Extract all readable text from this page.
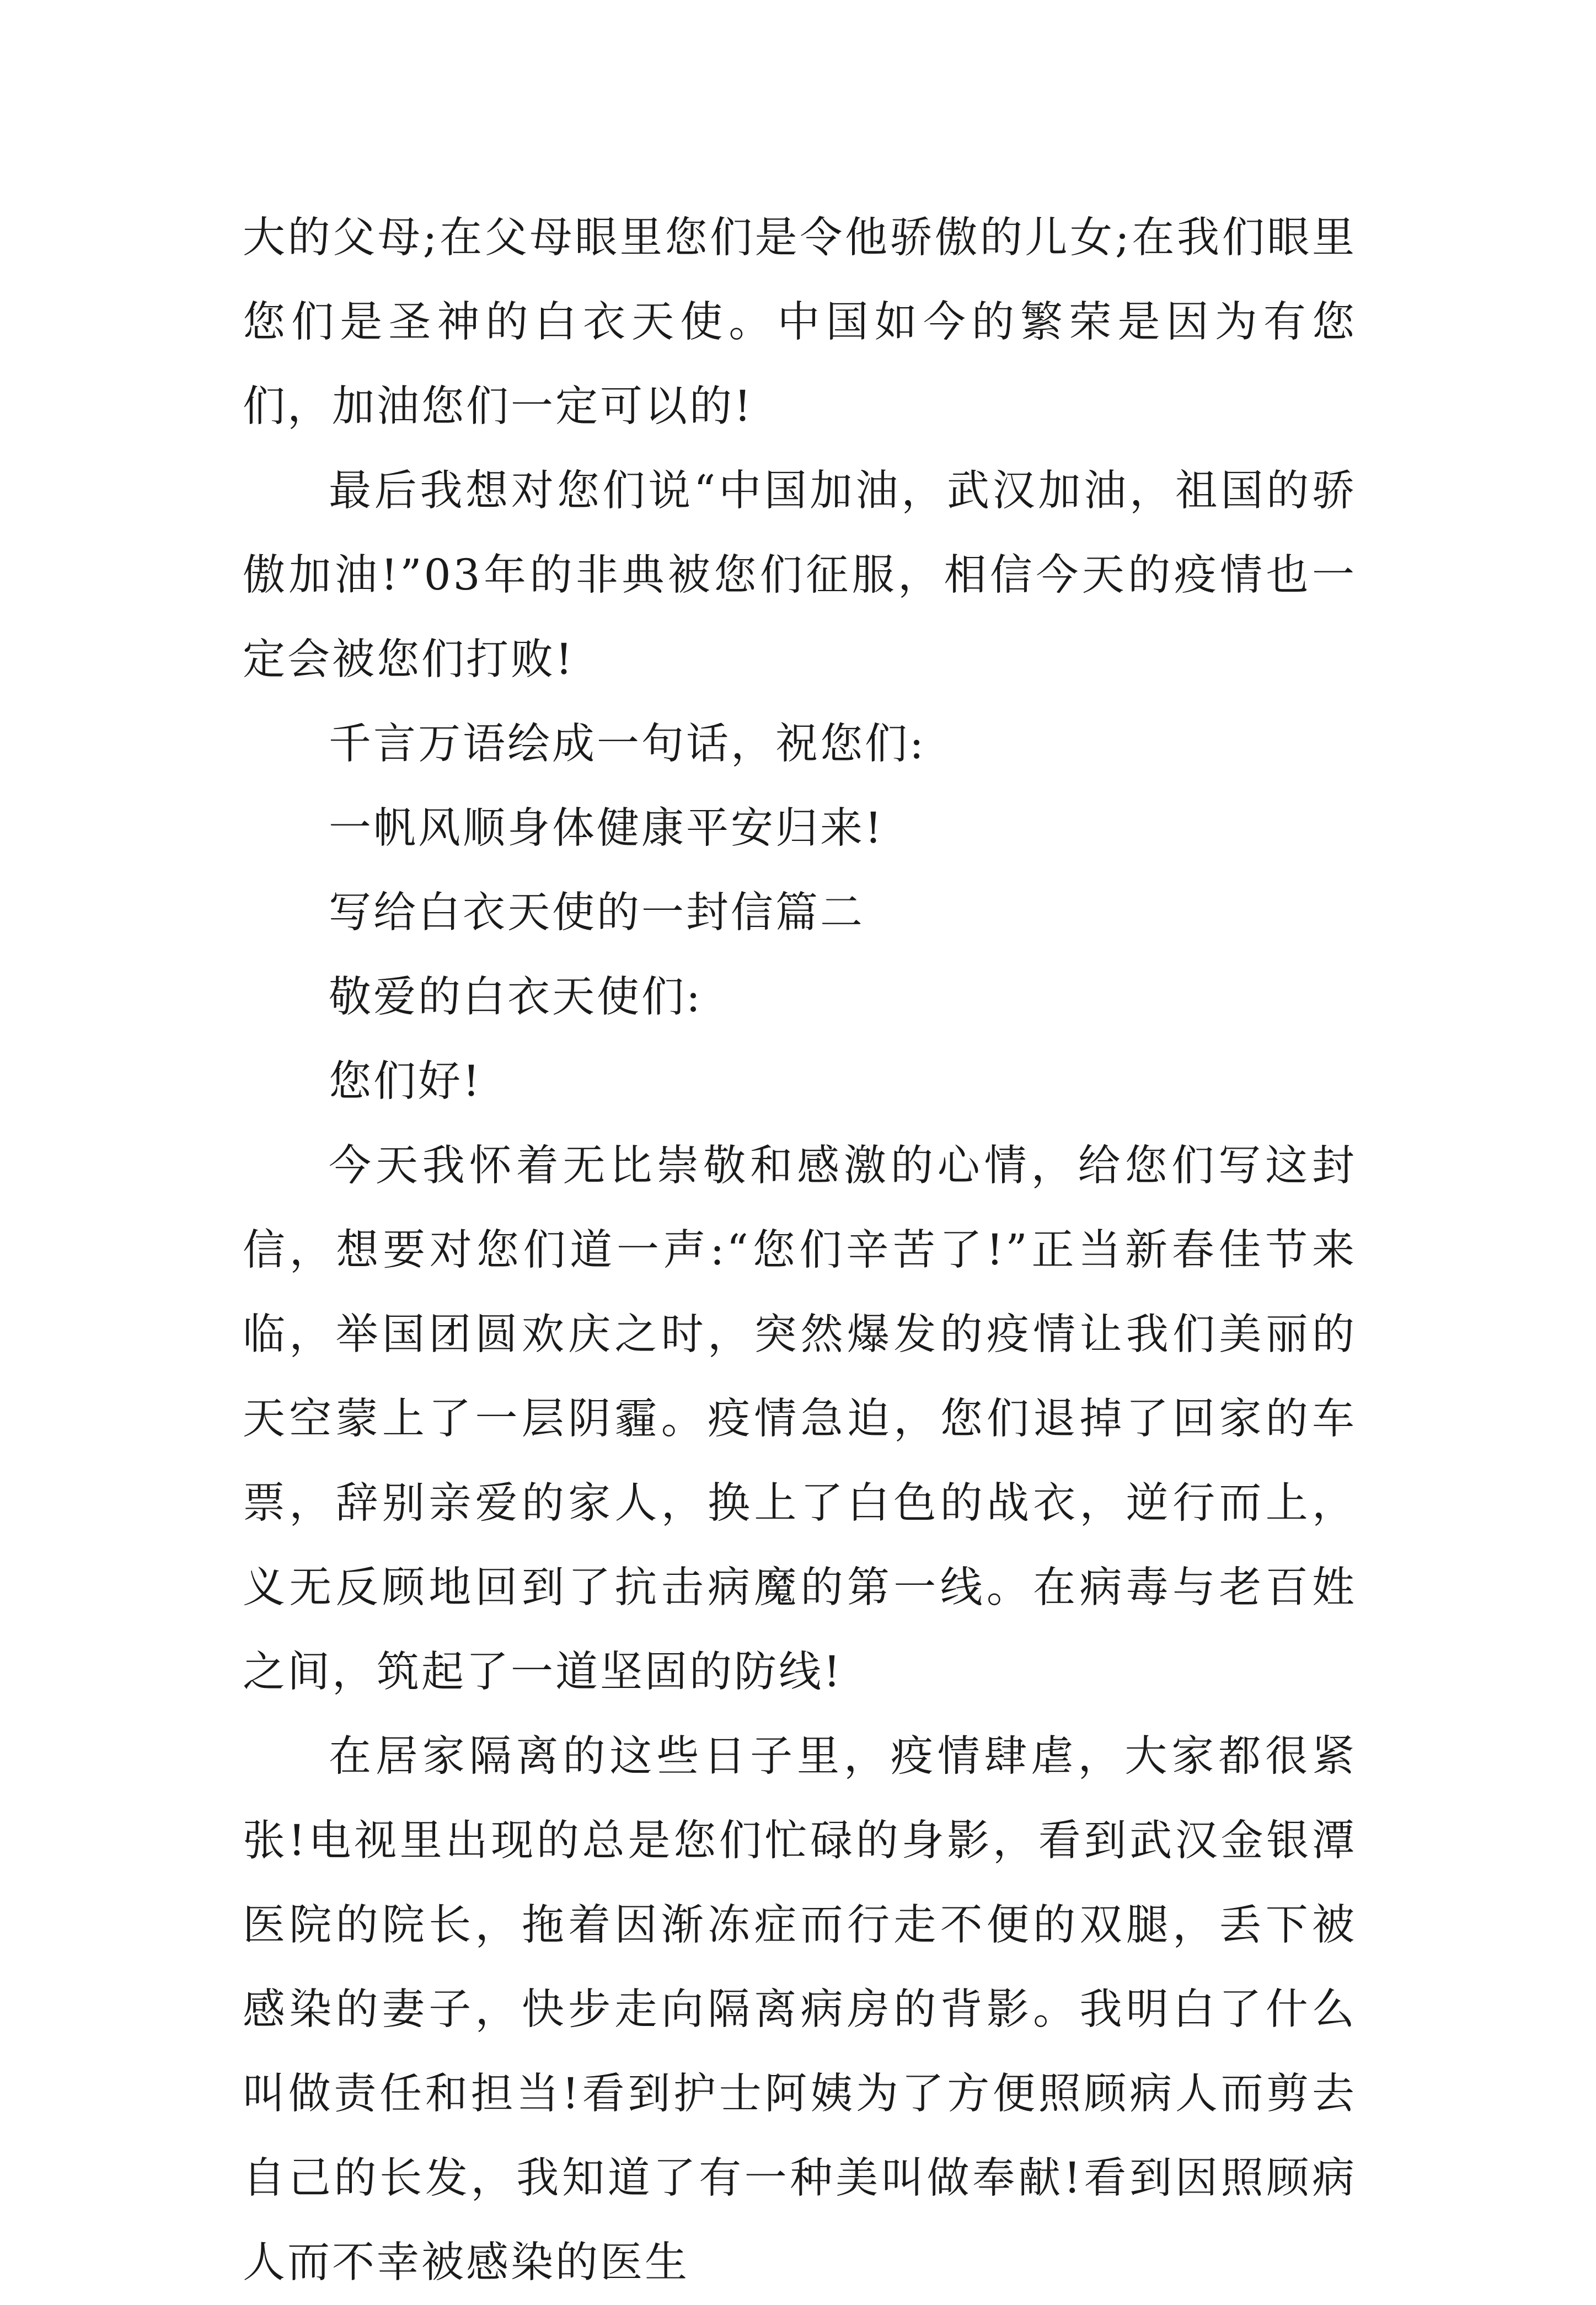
大的父母;在父母眼里您们是令他骄傲的儿女;在我们眼里您们是圣神的白衣天使。中国如今的繁荣是因为有您们，加油您们一定可以的!

最后我想对您们说“中国加油，武汉加油，祖国的骄傲加油!”03年的非典被您们征服，相信今天的疫情也一定会被您们打败!

千言万语绘成一句话，祝您们:

一帆风顺身体健康平安归来!

写给白衣天使的一封信篇二

敬爱的白衣天使们:

您们好!

今天我怀着无比崇敬和感激的心情，给您们写这封信，想要对您们道一声:“您们辛苦了!”正当新春佳节来临，举国团圆欢庆之时，突然爆发的疫情让我们美丽的天空蒙上了一层阴霾。疫情急迫，您们退掉了回家的车票，辞别亲爱的家人，换上了白色的战衣，逆行而上，义无反顾地回到了抗击病魔的第一线。在病毒与老百姓之间，筑起了一道坚固的防线!

在居家隔离的这些日子里，疫情肆虐，大家都很紧张!电视里出现的总是您们忙碌的身影，看到武汉金银潭医院的院长，拖着因渐冻症而行走不便的双腿，丢下被感染的妻子，快步走向隔离病房的背影。我明白了什么叫做责任和担当!看到护士阿姨为了方便照顾病人而剪去自己的长发，我知道了有一种美叫做奉献!看到因照顾病人而不幸被感染的医生
